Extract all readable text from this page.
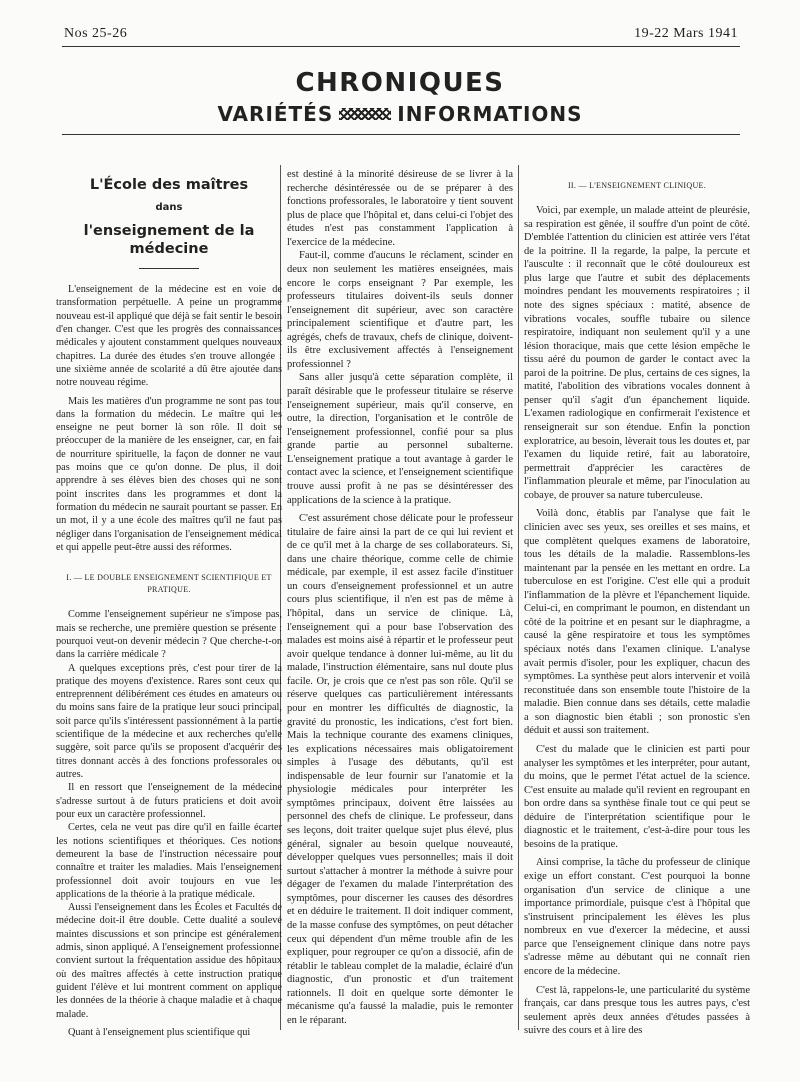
Nos 25-26	19-22 Mars 1941
CHRONIQUES
VARIÉTÉS	INFORMATIONS
L'École des maîtres
dans
l'enseignement de la médecine

L'enseignement de la médecine est en voie de transformation perpétuelle. A peine un programme nouveau est-il appliqué que déjà se fait sentir le besoin d'en changer. C'est que les progrès des connaissances médicales y ajoutent constamment quelques nouveaux chapitres. La durée des études s'en trouve allongée : une sixième année de scolarité a dû être ajoutée dans notre nouveau régime.

Mais les matières d'un programme ne sont pas tout dans la formation du médecin. Le maître qui les enseigne ne peut borner là son rôle. Il doit se préoccuper de la manière de les enseigner, car, en fait de nourriture spirituelle, la façon de donner ne vaut pas moins que ce qu'on donne. De plus, il doit apprendre à ses élèves bien des choses qui ne sont point inscrites dans les programmes et dont la formation du médecin ne saurait pourtant se passer. En un mot, il y a une école des maîtres qu'il ne faut pas négliger dans l'organisation de l'enseignement médical et qui appelle peut-être aussi des réformes.

I. — LE DOUBLE ENSEIGNEMENT SCIENTIFIQUE ET PRATIQUE.

Comme l'enseignement supérieur ne s'impose pas, mais se recherche, une première question se présente : pourquoi veut-on devenir médecin ? Que cherche-t-on dans la carrière médicale ?

A quelques exceptions près, c'est pour tirer de la pratique des moyens d'existence. Rares sont ceux qui entreprennent délibérément ces études en amateurs ou du moins sans faire de la pratique leur souci principal, soit parce qu'ils s'intéressent passionnément à la partie scientifique de la médecine et aux recherches qu'elle suggère, soit parce qu'ils se proposent d'acquérir des titres donnant accès à des fonctions professorales ou autres.

Il en ressort que l'enseignement de la médecine s'adresse surtout à de futurs praticiens et doit avoir pour eux un caractère professionnel.

Certes, cela ne veut pas dire qu'il en faille écarter les notions scientifiques et théoriques. Ces notions demeurent la base de l'instruction nécessaire pour connaître et traiter les maladies. Mais l'enseignement professionnel doit avoir toujours en vue les applications de la théorie à la pratique médicale.

Aussi l'enseignement dans les Écoles et Facultés de médecine doit-il être double. Cette dualité a soulevé maintes discussions et son principe est généralement admis, sinon appliqué. A l'enseignement professionnel convient surtout la fréquentation assidue des hôpitaux où des maîtres affectés à cette instruction pratique guident l'élève et lui montrent comment on applique les données de la théorie à chaque maladie et à chaque malade.

Quant à l'enseignement plus scientifique qui

est destiné à la minorité désireuse de se livrer à la recherche désintéressée ou de se préparer à des fonctions professorales, le laboratoire y tient souvent plus de place que l'hôpital et, dans celui-ci l'objet des études n'est pas constamment l'application à l'exercice de la médecine.

Faut-il, comme d'aucuns le réclament, scinder en deux non seulement les matières enseignées, mais encore le corps enseignant ? Par exemple, les professeurs titulaires doivent-ils seuls donner l'enseignement dit supérieur, avec son caractère principalement scientifique et d'autre part, les agrégés, chefs de travaux, chefs de clinique, doivent-ils être exclusivement affectés à l'enseignement professionnel ?

Sans aller jusqu'à cette séparation complète, il paraît désirable que le professeur titulaire se réserve l'enseignement supérieur, mais qu'il conserve, en outre, la direction, l'organisation et le contrôle de l'enseignement professionnel, confié pour sa plus grande partie au personnel subalterne. L'enseignement pratique a tout avantage à garder le contact avec la science, et l'enseignement scientifique trouve aussi profit à ne pas se désintéresser des applications de la science à la pratique.

C'est assurément chose délicate pour le professeur titulaire de faire ainsi la part de ce qui lui revient et de ce qu'il met à la charge de ses collaborateurs. Si, dans une chaire théorique, comme celle de chimie médicale, par exemple, il est assez facile d'instituer un cours d'enseignement professionnel et un autre cours plus scientifique, il n'en est pas de même à l'hôpital, dans un service de clinique. Là, l'enseignement qui a pour base l'observation des malades est moins aisé à répartir et le professeur peut avoir quelque tendance à donner lui-même, au lit du malade, l'instruction élémentaire, sans nul doute plus facile. Or, je crois que ce n'est pas son rôle. Qu'il se réserve quelques cas particulièrement intéressants pour en montrer les difficultés de diagnostic, la gravité du pronostic, les indications, c'est fort bien. Mais la technique courante des examens cliniques, les explications nécessaires mais obligatoirement simples à l'usage des débutants, qu'il est indispensable de leur fournir sur l'anatomie et la physiologie médicales pour interpréter les symptômes principaux, doivent être laissées au personnel des chefs de clinique. Le professeur, dans ses leçons, doit traiter quelque sujet plus élevé, plus général, signaler au besoin quelque nouveauté, développer quelques vues personnelles; mais il doit surtout s'attacher à montrer la méthode à suivre pour dégager de l'examen du malade l'interprétation des symptômes, pour discerner les causes des désordres et en déduire le traitement. Il doit indiquer comment, de la masse confuse des symptômes, on peut détacher ceux qui dépendent d'un même trouble afin de les expliquer, pour regrouper ce qu'on a dissocié, afin de rétablir le tableau complet de la maladie, éclairé d'un diagnostic, d'un pronostic et d'un traitement rationnels. Il doit en quelque sorte démonter le mécanisme qu'a faussé la maladie, puis le remonter en le réparant.

II. — L'ENSEIGNEMENT CLINIQUE.

Voici, par exemple, un malade atteint de pleurésie, sa respiration est gênée, il souffre d'un point de côté. D'emblée l'attention du clinicien est attirée vers l'état de la poitrine. Il la regarde, la palpe, la percute et l'ausculte : il reconnaît que le côté douloureux est plus large que l'autre et subit des déplacements moindres pendant les mouvements respiratoires ; il note des signes spéciaux : matité, absence de vibrations vocales, souffle tubaire ou silence respiratoire, indiquant non seulement qu'il y a une lésion thoracique, mais que cette lésion empêche le tissu aéré du poumon de garder le contact avec la paroi de la poitrine. De plus, certains de ces signes, la matité, l'abolition des vibrations vocales donnent à penser qu'il s'agit d'un épanchement liquide. L'examen radiologique en confirmerait l'existence et renseignerait sur son étendue. Enfin la ponction exploratrice, au besoin, lèverait tous les doutes et, par l'examen du liquide retiré, fait au laboratoire, permettrait d'apprécier les caractères de l'inflammation pleurale et même, par l'inoculation au cobaye, de prouver sa nature tuberculeuse.

Voilà donc, établis par l'analyse que fait le clinicien avec ses yeux, ses oreilles et ses mains, et que complètent quelques examens de laboratoire, tous les détails de la maladie. Rassemblons-les maintenant par la pensée en les mettant en ordre. La tuberculose en est l'origine. C'est elle qui a produit l'inflammation de la plèvre et l'épanchement liquide. Celui-ci, en comprimant le poumon, en distendant un côté de la poitrine et en pesant sur le diaphragme, a causé la gêne respiratoire et tous les symptômes spéciaux notés dans l'examen clinique. L'analyse avait permis d'isoler, pour les expliquer, chacun des symptômes. La synthèse peut alors intervenir et voilà reconstituée dans son ensemble toute l'histoire de la maladie. Bien connue dans ses détails, cette maladie a son diagnostic bien établi ; son pronostic s'en déduit et aussi son traitement.

C'est du malade que le clinicien est parti pour analyser les symptômes et les interpréter, pour autant, du moins, que le permet l'état actuel de la science. C'est ensuite au malade qu'il revient en regroupant en bon ordre dans sa synthèse finale tout ce qui peut se déduire de l'interprétation scientifique pour le diagnostic et le traitement, c'est-à-dire pour tous les besoins de la pratique.

Ainsi comprise, la tâche du professeur de clinique exige un effort constant. C'est pourquoi la bonne organisation d'un service de clinique a une importance primordiale, puisque c'est à l'hôpital que s'instruisent principalement les élèves les plus nombreux en vue d'exercer la médecine, et aussi parce que l'enseignement clinique dans notre pays s'adresse même au débutant qui ne connaît rien encore de la médecine.

C'est là, rappelons-le, une particularité du système français, car dans presque tous les autres pays, c'est seulement après deux années d'études passées à suivre des cours et à lire des
